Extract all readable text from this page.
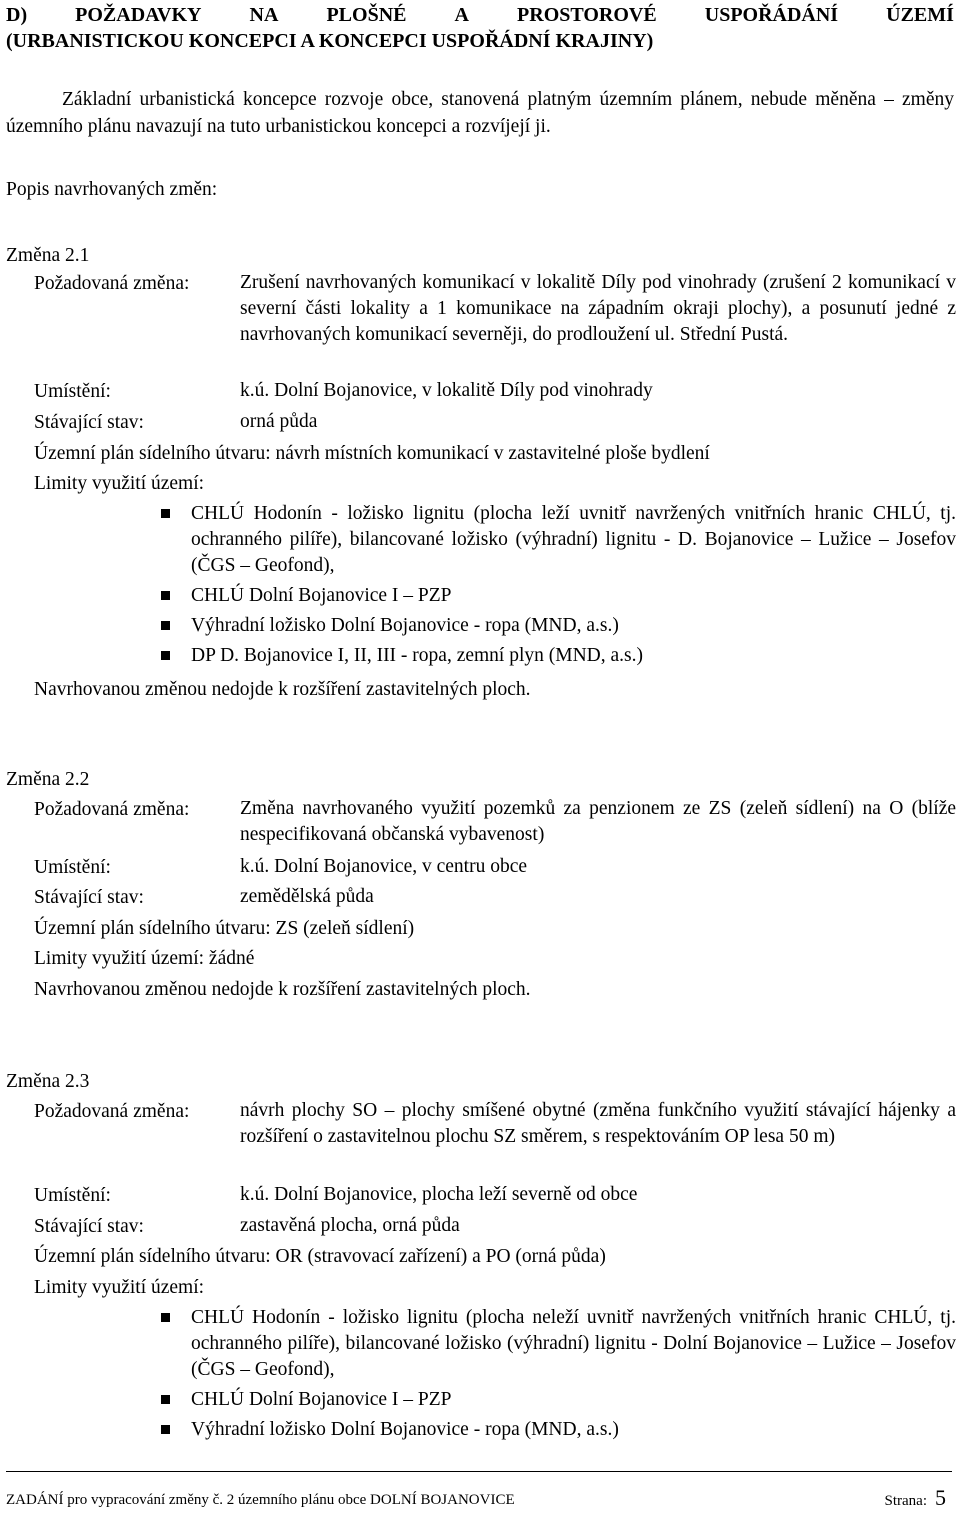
D) POŽADAVKY NA PLOŠNÉ A PROSTOROVÉ USPOŘÁDÁNÍ ÚZEMÍ
(URBANISTICKOU KONCEPCI A KONCEPCI USPOŘÁDNÍ KRAJINY)
Základní urbanistická koncepce rozvoje obce, stanovená platným územním plánem, nebude měněna – změny územního plánu navazují na tuto urbanistickou koncepci a rozvíjejí ji.
Popis navrhovaných změn:
Změna 2.1
Požadovaná změna:	Zrušení navrhovaných komunikací v lokalitě Díly pod vinohrady (zrušení 2 komunikací v severní části lokality a 1 komunikace na západním okraji plochy), a posunutí jedné z navrhovaných komunikací severněji, do prodloužení ul. Střední Pustá.
Umístění:	k.ú. Dolní Bojanovice, v lokalitě Díly pod vinohrady
Stávající stav:	orná půda
Územní plán sídelního útvaru: návrh místních komunikací v zastavitelné ploše bydlení
Limity využití území:
CHLÚ Hodonín - ložisko lignitu (plocha leží uvnitř navržených vnitřních hranic CHLÚ, tj. ochranného pilíře), bilancované ložisko (výhradní) lignitu - D. Bojanovice – Lužice – Josefov (ČGS – Geofond),
CHLÚ Dolní Bojanovice I – PZP
Výhradní ložisko Dolní Bojanovice - ropa (MND, a.s.)
DP D. Bojanovice I, II, III - ropa, zemní plyn (MND, a.s.)
Navrhovanou změnou nedojde k rozšíření zastavitelných ploch.
Změna 2.2
Požadovaná změna:	Změna navrhovaného využití pozemků za penzionem ze ZS (zeleň sídlení) na O (blíže nespecifikovaná občanská vybavenost)
Umístění:	k.ú. Dolní Bojanovice, v centru obce
Stávající stav:	zemědělská půda
Územní plán sídelního útvaru: ZS (zeleň sídlení)
Limity využití území: žádné
Navrhovanou změnou nedojde k rozšíření zastavitelných ploch.
Změna 2.3
Požadovaná změna:	návrh plochy SO – plochy smíšené obytné (změna funkčního využití stávající hájenky a rozšíření o zastavitelnou plochu SZ směrem, s respektováním OP lesa 50 m)
Umístění:	k.ú. Dolní Bojanovice, plocha leží severně od obce
Stávající stav:	zastavěná plocha, orná půda
Územní plán sídelního útvaru: OR (stravovací zařízení) a PO (orná půda)
Limity využití území:
CHLÚ Hodonín - ložisko lignitu (plocha neleží uvnitř navržených vnitřních hranic CHLÚ, tj. ochranného pilíře), bilancované ložisko (výhradní) lignitu - Dolní Bojanovice – Lužice – Josefov (ČGS – Geofond),
CHLÚ Dolní Bojanovice I – PZP
Výhradní ložisko Dolní Bojanovice - ropa (MND, a.s.)
ZADÁNÍ pro vypracování změny č. 2 územního plánu obce DOLNÍ BOJANOVICE	Strana: 5
